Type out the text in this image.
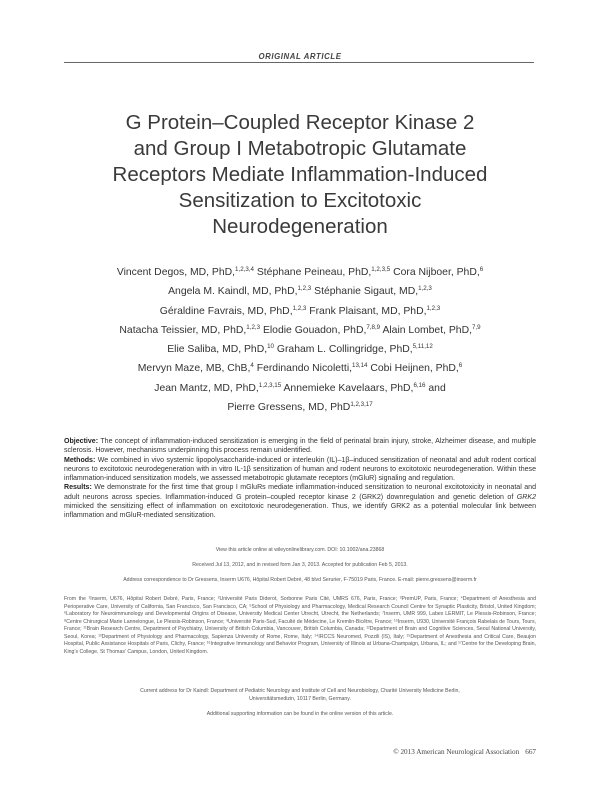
ORIGINAL ARTICLE
G Protein–Coupled Receptor Kinase 2
and Group I Metabotropic Glutamate
Receptors Mediate Inflammation-Induced
Sensitization to Excitotoxic
Neurodegeneration
Vincent Degos, MD, PhD,$^{1,2,3,4}$ Stéphane Peineau, PhD,$^{1,2,3,5}$ Cora Nijboer, PhD,$^6$
Angela M. Kaindl, MD, PhD,$^{1,2,3}$ Stéphanie Sigaut, MD,$^{1,2,3}$
Géraldine Favrais, MD, PhD,$^{1,2,3}$ Frank Plaisant, MD, PhD,$^{1,2,3}$
Natacha Teissier, MD, PhD,$^{1,2,3}$ Elodie Gouadon, PhD,$^{7,8,9}$ Alain Lombet, PhD,$^{7,9}$
Elie Saliba, MD, PhD,$^{10}$ Graham L. Collingridge, PhD,$^{5,11,12}$
Mervyn Maze, MB, ChB,$^4$ Ferdinando Nicoletti,$^{13,14}$ Cobi Heijnen, PhD,$^6$
Jean Mantz, MD, PhD,$^{1,2,3,15}$ Annemieke Kavelaars, PhD,$^{6,16}$ and
Pierre Gressens, MD, PhD$^{1,2,3,17}$

Objective: The concept of inflammation-induced sensitization is emerging in the field of perinatal brain injury, stroke, Alzheimer disease, and multiple sclerosis. However, mechanisms underpinning this process remain unidentified.

Methods: We combined in vivo systemic lipopolysaccharide-induced or interleukin (IL)–1β–induced sensitization of neonatal and adult rodent cortical neurons to excitotoxic neurodegeneration with in vitro IL-1β sensitization of human and rodent neurons to excitotoxic neurodegeneration. Within these inflammation-induced sensitization models, we assessed metabotropic glutamate receptors (mGluR) signaling and regulation.

Results: We demonstrate for the first time that group I mGluRs mediate inflammation-induced sensitization to neuronal excitotoxicity in neonatal and adult neurons across species. Inflammation-induced G protein–coupled receptor kinase 2 (GRK2) downregulation and genetic deletion of GRK2 mimicked the sensitizing effect of inflammation on excitotoxic neurodegeneration. Thus, we identify GRK2 as a potential molecular link between inflammation and mGluR-mediated sensitization.

View this article online at wileyonlinelibrary.com. DOI: 10.1002/ana.23868
Received Jul 13, 2012, and in revised form Jan 3, 2013. Accepted for publication Feb 5, 2013.
Address correspondence to Dr Gressens, Inserm U676, Hôpital Robert Debré, 48 blvd Serurier, F-75019 Paris, France. E-mail: pierre.gressens@inserm.fr
From the ¹Inserm, U676, Hôpital Robert Debré, Paris, France; ²Université Paris Diderot, Sorbonne Paris Cité, UMRS 676, Paris, France; ³PremUP, Paris, France; ⁴Department of Anesthesia and Perioperative Care, University of California, San Francisco, San Francisco, CA; ⁵School of Physiology and Pharmacology, Medical Research Council Centre for Synaptic Plasticity, Bristol, United Kingdom; ⁶Laboratory for Neuroimmunology and Developmental Origins of Disease, University Medical Center Utrecht, Utrecht, the Netherlands; ⁷Inserm, UMR 999, Labex LERMIT, Le Plessis-Robinson, France; ⁸Centre Chirurgical Marie Lannelongue, Le Plessis-Robinson, France; ⁹Université Paris-Sud, Faculté de Médecine, Le Kremlin-Bicêtre, France; ¹⁰Inserm, U930, Université François Rabelais de Tours, Tours, France; ¹¹Brain Research Centre, Department of Psychiatry, University of British Columbia, Vancouver, British Columbia, Canada; ¹²Department of Brain and Cognitive Sciences, Seoul National University, Seoul, Korea; ¹³Department of Physiology and Pharmacology, Sapienza University of Rome, Rome, Italy; ¹⁴IRCCS Neuromed, Pozzili (IS), Italy; ¹⁵Department of Anesthesia and Critical Care, Beaujon Hospital, Public Assistance Hospitals of Paris, Clichy, France; ¹⁶Integrative Immunology and Behavior Program, University of Illinois at Urbana-Champaign, Urbana, IL; and ¹⁷Centre for the Developing Brain, King’s College, St Thomas’ Campus, London, United Kingdom.
Current address for Dr Kaindl: Department of Pediatric Neurology and Institute of Cell and Neurobiology, Charité University Medicine Berlin,
Universitätsmedizin, 10117 Berlin, Germany.
Additional supporting information can be found in the online version of this article.
© 2013 American Neurological Association 667
